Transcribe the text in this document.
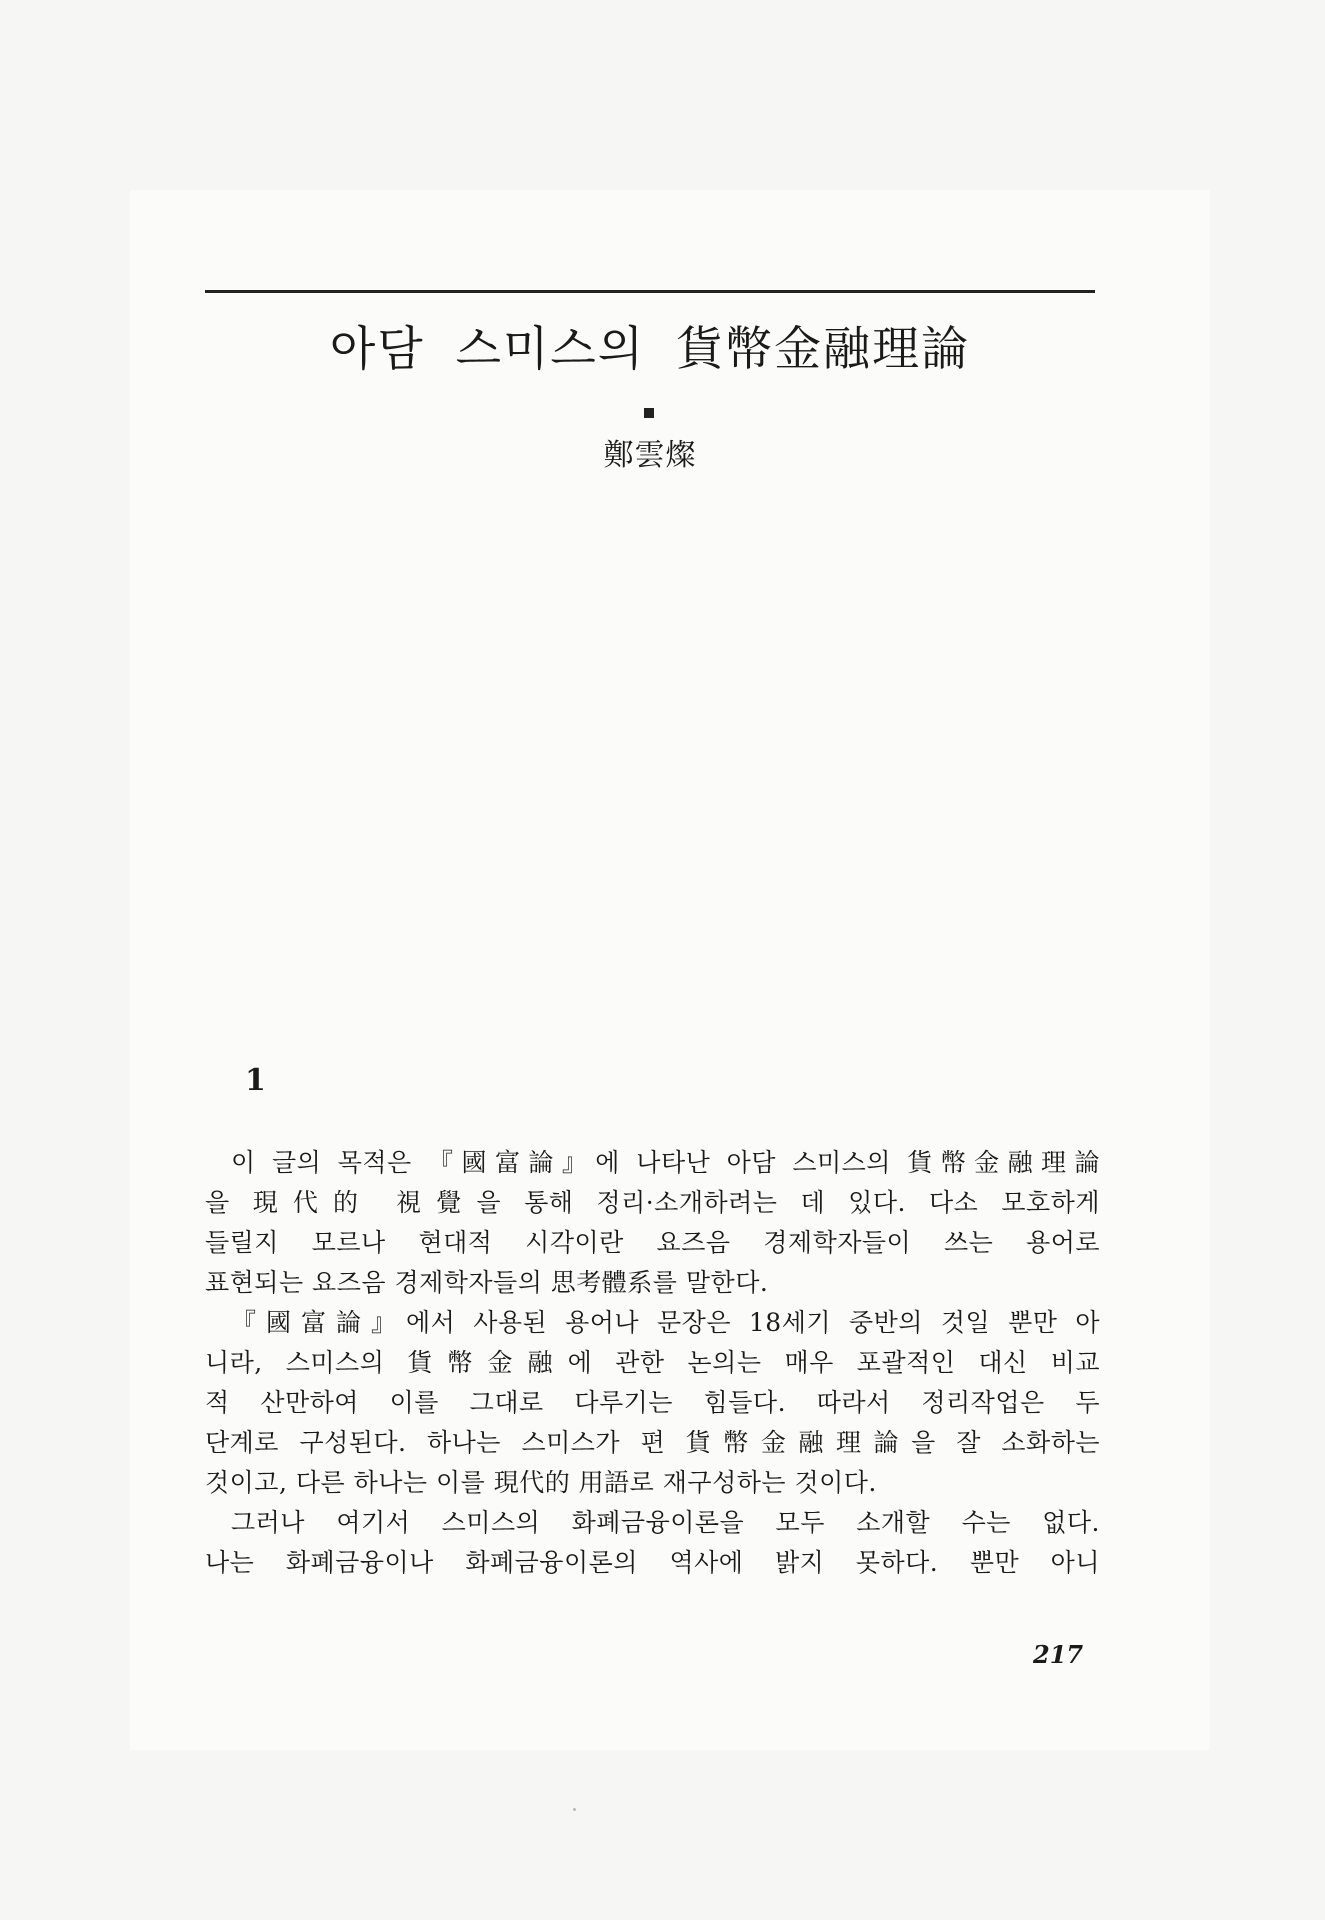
아담 스미스의 貨幣金融理論
鄭雲燦
1
이 글의 목적은 『國富論』에 나타난 아담 스미스의 貨幣金融理論
을 現代的 視覺을 통해 정리·소개하려는 데 있다. 다소 모호하게
들릴지 모르나 현대적 시각이란 요즈음 경제학자들이 쓰는 용어로
표현되는 요즈음 경제학자들의 思考體系를 말한다.
『國富論』에서 사용된 용어나 문장은 18세기 중반의 것일 뿐만 아
니라, 스미스의 貨幣金融에 관한 논의는 매우 포괄적인 대신 비교
적 산만하여 이를 그대로 다루기는 힘들다. 따라서 정리작업은 두
단계로 구성된다. 하나는 스미스가 편 貨幣金融理論을 잘 소화하는
것이고, 다른 하나는 이를 現代的 用語로 재구성하는 것이다.
그러나 여기서 스미스의 화폐금융이론을 모두 소개할 수는 없다.
나는 화폐금융이나 화폐금융이론의 역사에 밝지 못하다. 뿐만 아니
217
